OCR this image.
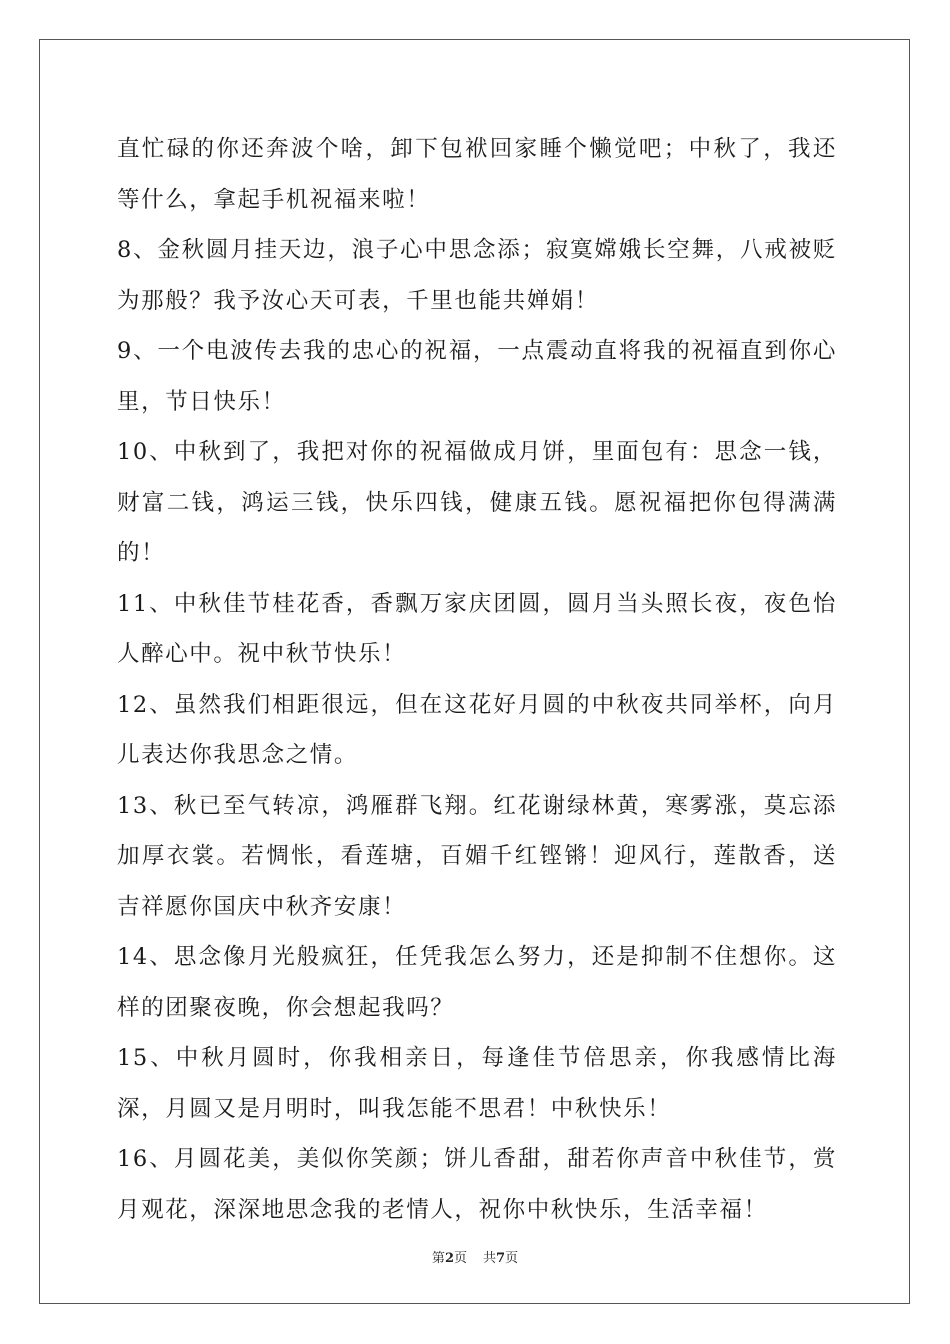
直忙碌的你还奔波个啥，卸下包袱回家睡个懒觉吧；中秋了，我还等什么，拿起手机祝福来啦！

8、金秋圆月挂天边，浪子心中思念添；寂寞嫦娥长空舞，八戒被贬为那般？我予汝心天可表，千里也能共婵娟！

9、一个电波传去我的忠心的祝福，一点震动直将我的祝福直到你心里，节日快乐！

10、中秋到了，我把对你的祝福做成月饼，里面包有：思念一钱，财富二钱，鸿运三钱，快乐四钱，健康五钱。愿祝福把你包得满满的！

11、中秋佳节桂花香，香飘万家庆团圆，圆月当头照长夜，夜色怡人醉心中。祝中秋节快乐！

12、虽然我们相距很远，但在这花好月圆的中秋夜共同举杯，向月儿表达你我思念之情。

13、秋已至气转凉，鸿雁群飞翔。红花谢绿林黄，寒雾涨，莫忘添加厚衣裳。若惆怅，看莲塘，百媚千红铿锵！迎风行，莲散香，送吉祥愿你国庆中秋齐安康！

14、思念像月光般疯狂，任凭我怎么努力，还是抑制不住想你。这样的团聚夜晚，你会想起我吗？

15、中秋月圆时，你我相亲日，每逢佳节倍思亲，你我感情比海深，月圆又是月明时，叫我怎能不思君！中秋快乐！

16、月圆花美，美似你笑颜；饼儿香甜，甜若你声音中秋佳节，赏月观花，深深地思念我的老情人，祝你中秋快乐，生活幸福！

第2页 共7页
